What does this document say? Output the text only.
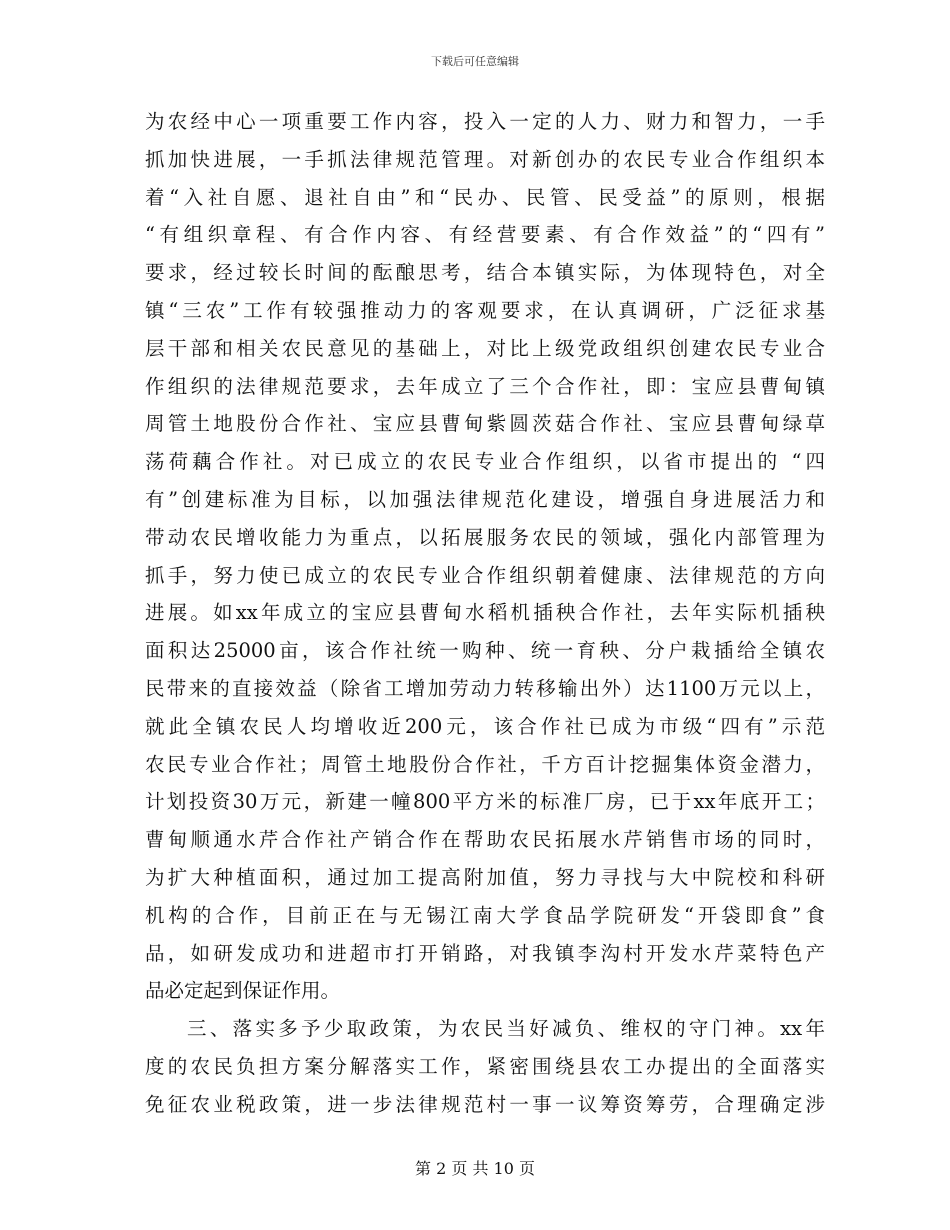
下载后可任意编辑
为农经中心一项重要工作内容，投入一定的人力、财力和智力，一手
抓加快进展，一手抓法律规范管理。对新创办的农民专业合作组织本
着“入社自愿、退社自由”和“民办、民管、民受益”的原则，根据
“有组织章程、有合作内容、有经营要素、有合作效益”的“四有”
要求，经过较长时间的酝酿思考，结合本镇实际，为体现特色，对全
镇“三农”工作有较强推动力的客观要求，在认真调研，广泛征求基
层干部和相关农民意见的基础上，对比上级党政组织创建农民专业合
作组织的法律规范要求，去年成立了三个合作社，即：宝应县曹甸镇
周管土地股份合作社、宝应县曹甸紫圆茨菇合作社、宝应县曹甸绿草
荡荷藕合作社。对已成立的农民专业合作组织，以省市提出的 “四
有”创建标准为目标，以加强法律规范化建设，增强自身进展活力和
带动农民增收能力为重点，以拓展服务农民的领域，强化内部管理为
抓手，努力使已成立的农民专业合作组织朝着健康、法律规范的方向
进展。如xx年成立的宝应县曹甸水稻机插秧合作社，去年实际机插秧
面积达25000亩，该合作社统一购种、统一育秧、分户栽插给全镇农
民带来的直接效益（除省工增加劳动力转移输出外）达1100万元以上，
就此全镇农民人均增收近200元，该合作社已成为市级“四有”示范
农民专业合作社；周管土地股份合作社，千方百计挖掘集体资金潜力，
计划投资30万元，新建一幢800平方米的标准厂房，已于xx年底开工；
曹甸顺通水芹合作社产销合作在帮助农民拓展水芹销售市场的同时，
为扩大种植面积，通过加工提高附加值，努力寻找与大中院校和科研
机构的合作，目前正在与无锡江南大学食品学院研发“开袋即食”食
品，如研发成功和进超市打开销路，对我镇李沟村开发水芹菜特色产
品必定起到保证作用。
三、落实多予少取政策，为农民当好减负、维权的守门神。xx年
度的农民负担方案分解落实工作，紧密围绕县农工办提出的全面落实
免征农业税政策，进一步法律规范村一事一议筹资筹劳，合理确定涉
第 2 页 共 10 页
